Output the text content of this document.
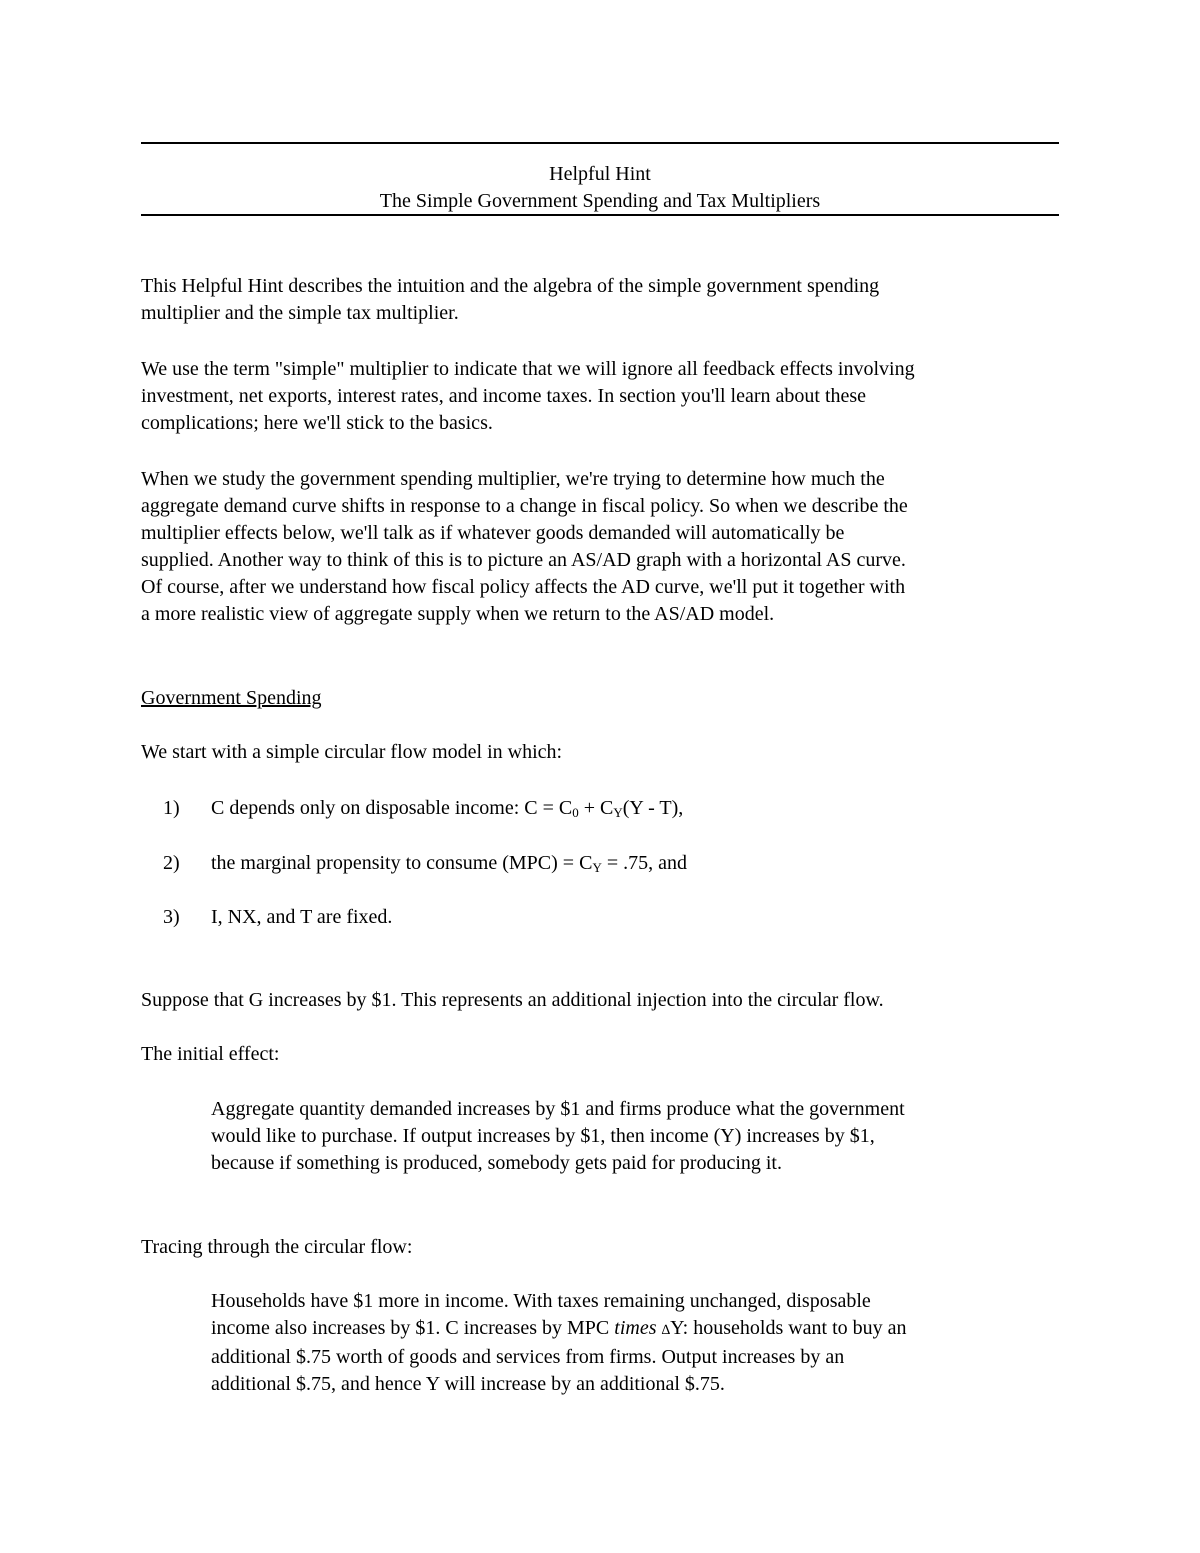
Helpful Hint
The Simple Government Spending and Tax Multipliers

This Helpful Hint describes the intuition and the algebra of the simple government spending
multiplier and the simple tax multiplier.

We use the term "simple" multiplier to indicate that we will ignore all feedback effects involving
investment, net exports, interest rates, and income taxes. In section you'll learn about these
complications; here we'll stick to the basics.

When we study the government spending multiplier, we're trying to determine how much the
aggregate demand curve shifts in response to a change in fiscal policy. So when we describe the
multiplier effects below, we'll talk as if whatever goods demanded will automatically be
supplied. Another way to think of this is to picture an AS/AD graph with a horizontal AS curve.
Of course, after we understand how fiscal policy affects the AD curve, we'll put it together with
a more realistic view of aggregate supply when we return to the AS/AD model.

Government Spending

We start with a simple circular flow model in which:

1) C depends only on disposable income: $C = C_0 + C_Y(Y - T)$,
2) the marginal propensity to consume $(MPC) = C_Y = .75$, and
3) I, NX, and T are fixed.

Suppose that G increases by $1. This represents an additional injection into the circular flow.

The initial effect:

Aggregate quantity demanded increases by $1 and firms produce what the government
would like to purchase. If output increases by $1, then income (Y) increases by $1,
because if something is produced, somebody gets paid for producing it.

Tracing through the circular flow:

Households have $1 more in income. With taxes remaining unchanged, disposable
income also increases by $1. C increases by MPC times ∆Y: households want to buy an
additional $.75 worth of goods and services from firms. Output increases by an
additional $.75, and hence Y will increase by an additional $.75.
